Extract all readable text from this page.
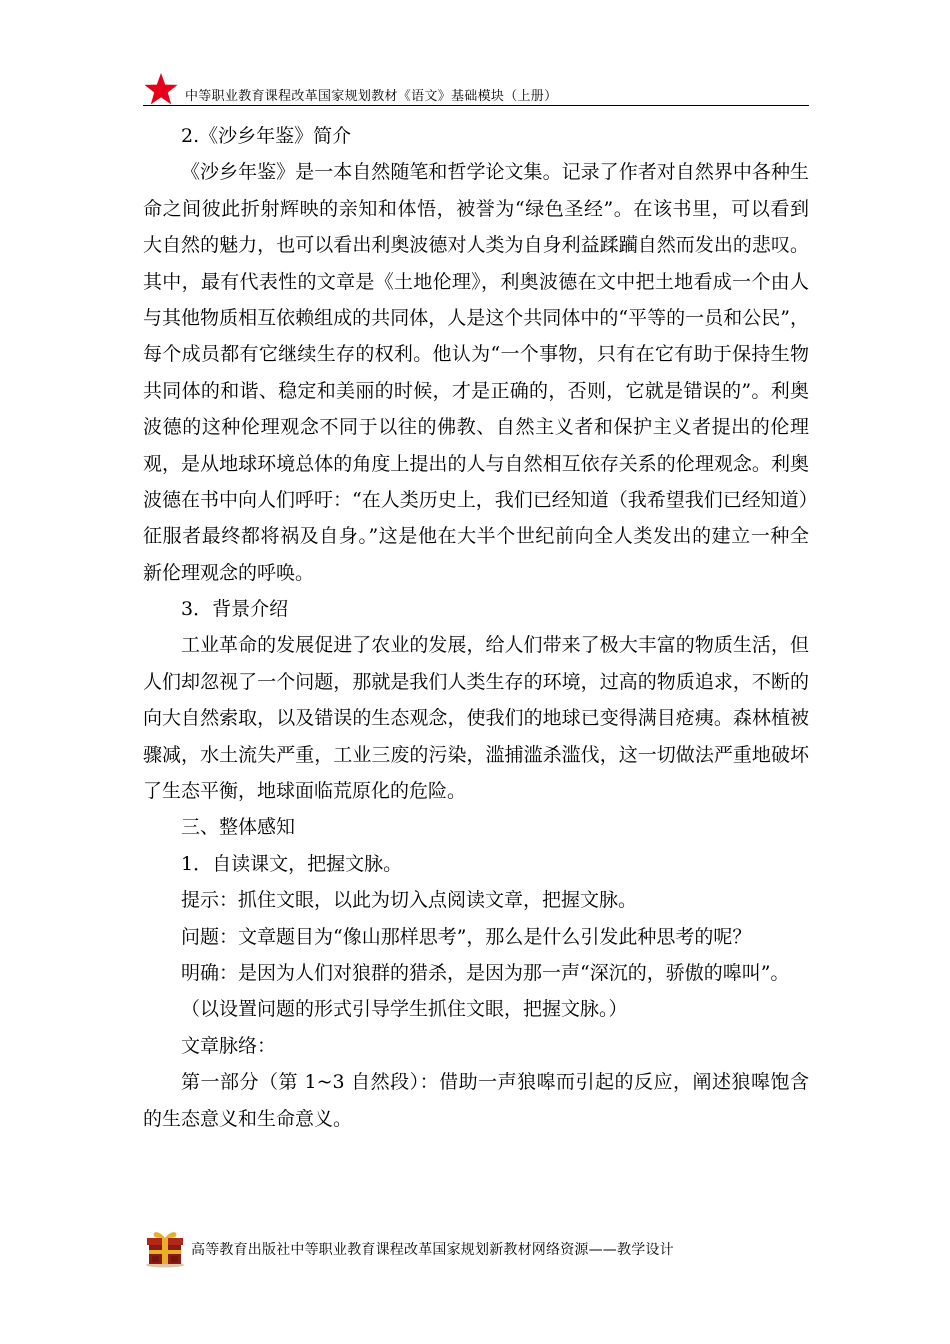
中等职业教育课程改革国家规划教材《语文》基础模块（上册）
2.《沙乡年鉴》简介
《沙乡年鉴》是一本自然随笔和哲学论文集。记录了作者对自然界中各种生
命之间彼此折射辉映的亲知和体悟，被誉为“绿色圣经”。在该书里，可以看到
大自然的魅力，也可以看出利奥波德对人类为自身利益蹂躏自然而发出的悲叹。
其中，最有代表性的文章是《土地伦理》，利奥波德在文中把土地看成一个由人
与其他物质相互依赖组成的共同体，人是这个共同体中的“平等的一员和公民”，
每个成员都有它继续生存的权利。他认为“一个事物，只有在它有助于保持生物
共同体的和谐、稳定和美丽的时候，才是正确的，否则，它就是错误的”。利奥
波德的这种伦理观念不同于以往的佛教、自然主义者和保护主义者提出的伦理
观，是从地球环境总体的角度上提出的人与自然相互依存关系的伦理观念。利奥
波德在书中向人们呼吁：“在人类历史上，我们已经知道（我希望我们已经知道）
征服者最终都将祸及自身。”这是他在大半个世纪前向全人类发出的建立一种全
新伦理观念的呼唤。
3．背景介绍
工业革命的发展促进了农业的发展，给人们带来了极大丰富的物质生活，但
人们却忽视了一个问题，那就是我们人类生存的环境，过高的物质追求，不断的
向大自然索取，以及错误的生态观念，使我们的地球已变得满目疮痍。森林植被
骤减，水土流失严重，工业三废的污染，滥捕滥杀滥伐，这一切做法严重地破坏
了生态平衡，地球面临荒原化的危险。
三、整体感知
1．自读课文，把握文脉。
提示：抓住文眼，以此为切入点阅读文章，把握文脉。
问题：文章题目为“像山那样思考”，那么是什么引发此种思考的呢？
明确：是因为人们对狼群的猎杀，是因为那一声“深沉的，骄傲的嗥叫”。
（以设置问题的形式引导学生抓住文眼，把握文脉。）
文章脉络：
第一部分（第 1~3 自然段）：借助一声狼嗥而引起的反应，阐述狼嗥饱含
的生态意义和生命意义。
高等教育出版社中等职业教育课程改革国家规划新教材网络资源——教学设计
